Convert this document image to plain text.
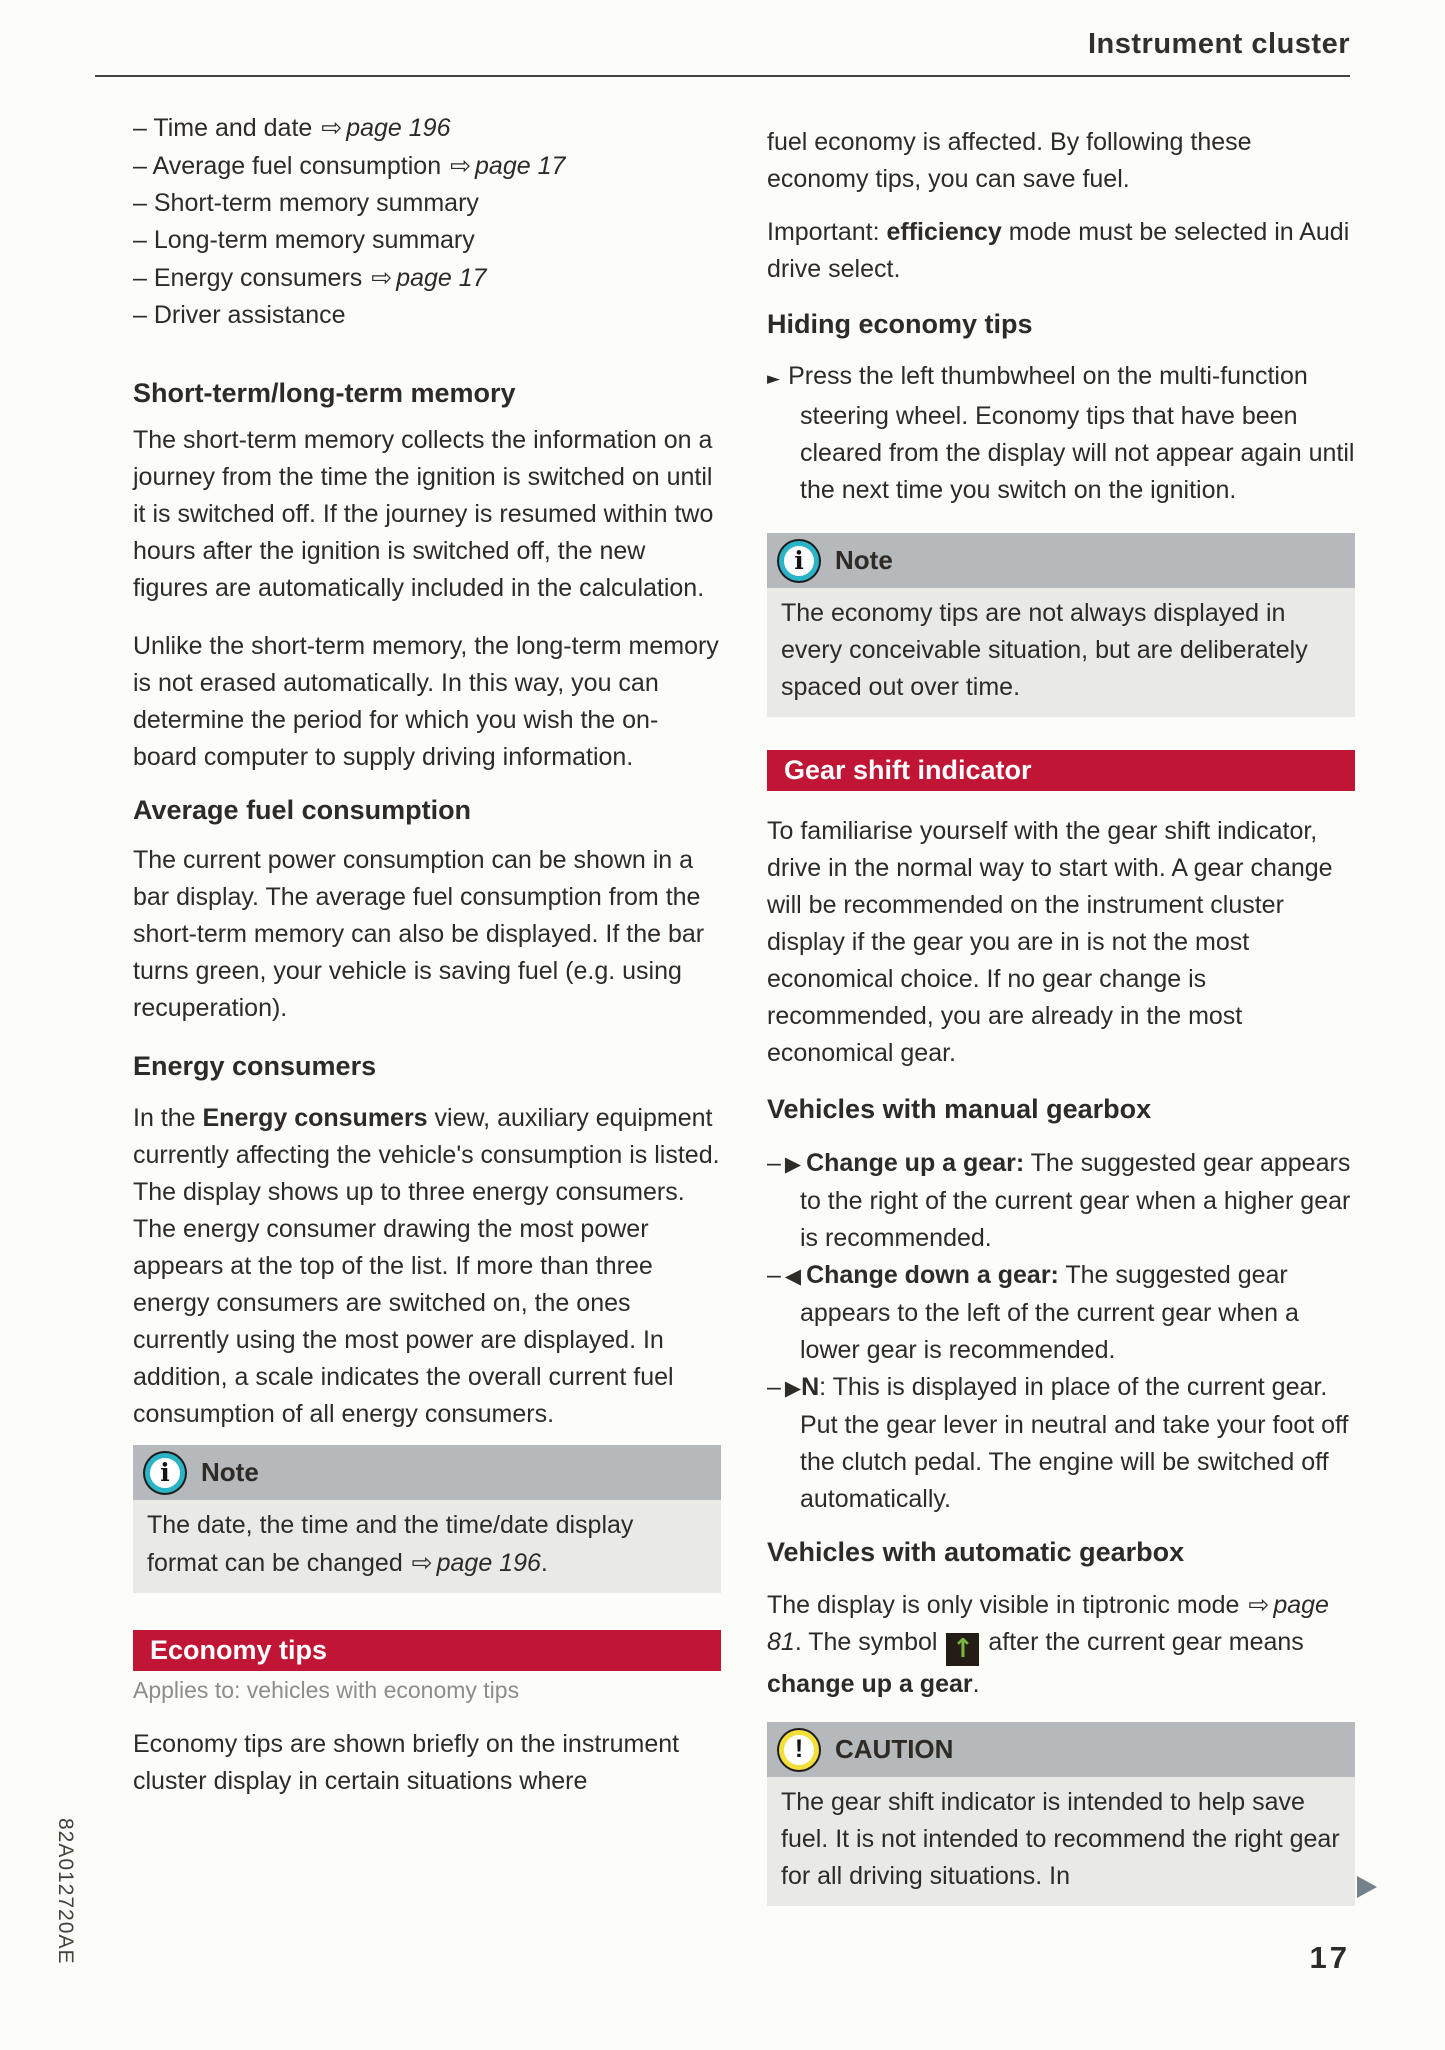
Instrument cluster
82A012720AE
– Time and date ⇨ page 196
– Average fuel consumption ⇨ page 17
– Short-term memory summary
– Long-term memory summary
– Energy consumers ⇨ page 17
– Driver assistance
Short-term/long-term memory

The short-term memory collects the information on a journey from the time the ignition is switched on until it is switched off. If the journey is resumed within two hours after the ignition is switched off, the new figures are automatically included in the calculation.

Unlike the short-term memory, the long-term memory is not erased automatically. In this way, you can determine the period for which you wish the on-board computer to supply driving information.

Average fuel consumption

The current power consumption can be shown in a bar display. The average fuel consumption from the short-term memory can also be displayed. If the bar turns green, your vehicle is saving fuel (e.g. using recuperation).

Energy consumers

In the Energy consumers view, auxiliary equipment currently affecting the vehicle's consumption is listed. The display shows up to three energy consumers. The energy consumer drawing the most power appears at the top of the list. If more than three energy consumers are switched on, the ones currently using the most power are displayed. In addition, a scale indicates the overall current fuel consumption of all energy consumers.

i Note
The date, the time and the time/date display format can be changed ⇨ page 196.
Economy tips

Applies to: vehicles with economy tips

Economy tips are shown briefly on the instrument cluster display in certain situations where

fuel economy is affected. By following these economy tips, you can save fuel.

Important: efficiency mode must be selected in Audi drive select.

Hiding economy tips

► Press the left thumbwheel on the multi-function steering wheel. Economy tips that have been cleared from the display will not appear again until the next time you switch on the ignition.

i Note
The economy tips are not always displayed in every conceivable situation, but are deliberately spaced out over time.
Gear shift indicator

To familiarise yourself with the gear shift indicator, drive in the normal way to start with. A gear change will be recommended on the instrument cluster display if the gear you are in is not the most economical choice. If no gear change is recommended, you are already in the most economical gear.

Vehicles with manual gearbox
– ▶ Change up a gear: The suggested gear appears to the right of the current gear when a higher gear is recommended.
– ◀ Change down a gear: The suggested gear appears to the left of the current gear when a lower gear is recommended.
– ▶N: This is displayed in place of the current gear. Put the gear lever in neutral and take your foot off the clutch pedal. The engine will be switched off automatically.
Vehicles with automatic gearbox

The display is only visible in tiptronic mode ⇨ page 81. The symbol ↑ after the current gear means change up a gear.

! CAUTION
The gear shift indicator is intended to help save fuel. It is not intended to recommend the right gear for all driving situations. In
17
